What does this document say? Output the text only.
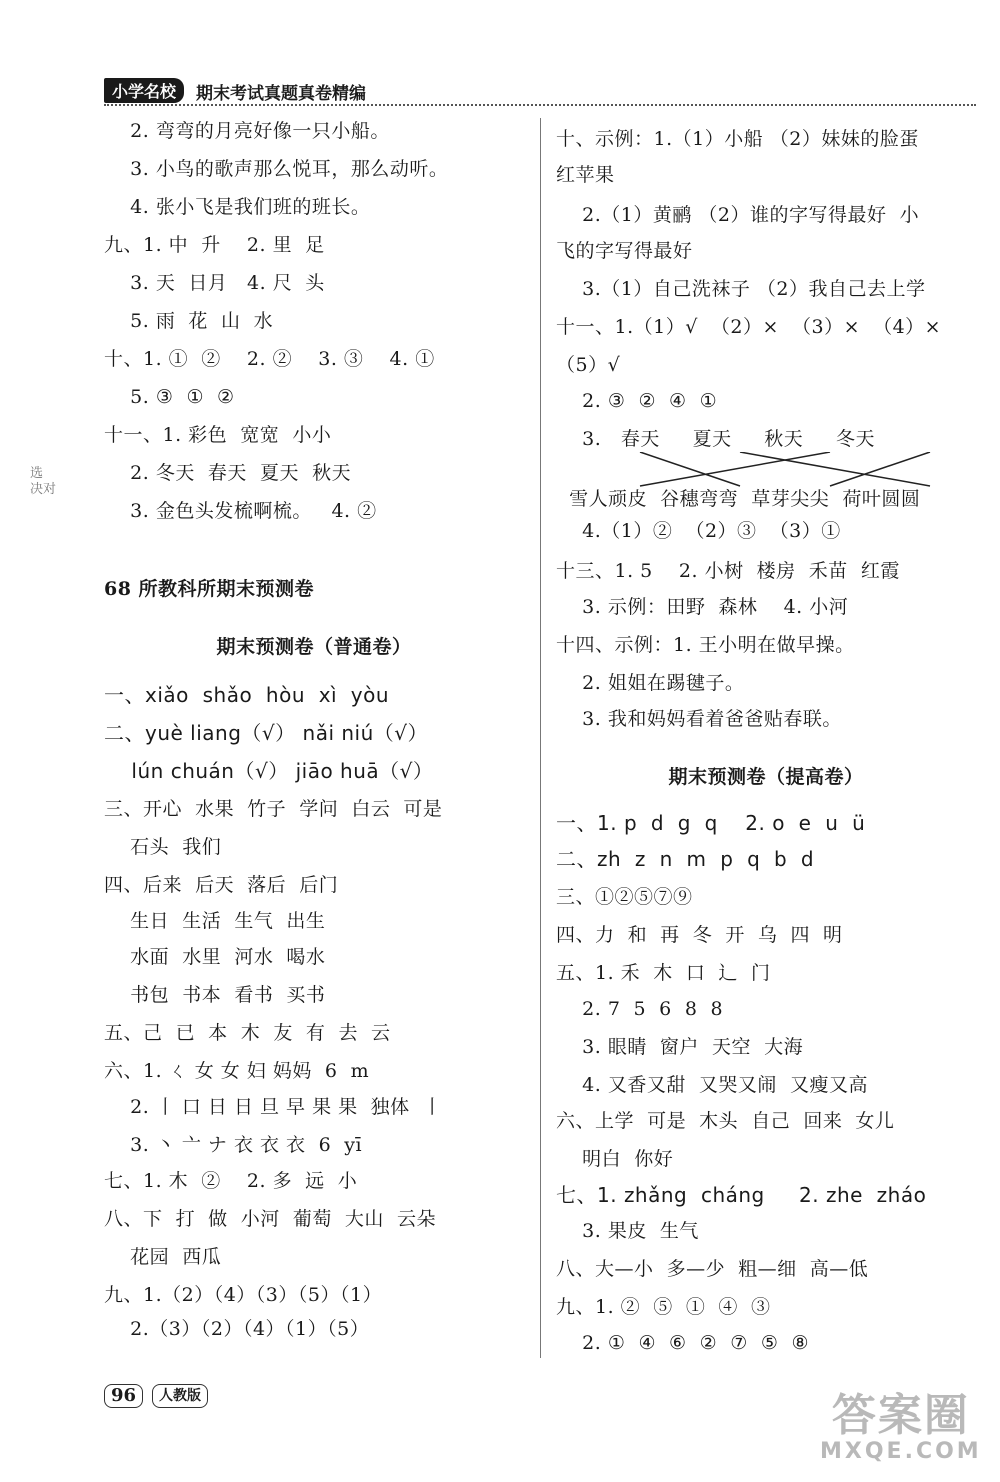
小学名校	期末考试真题真卷精编
2. 弯弯的月亮好像一只小船。
3. 小鸟的歌声那么悦耳，那么动听。
4. 张小飞是我们班的班长。
九、1. 中  升    2. 里  足
3. 天  日月   4. 尺  头
5. 雨  花  山  水
十、1. ①  ②    2. ②    3. ③    4. ①
5. ③  ①  ②
十一、1. 彩色  宽宽  小小
2. 冬天  春天  夏天  秋天
3. 金色头发梳啊梳。   4. ②
68 所教科所期末预测卷
期末预测卷（普通卷）
一、xiǎo  shǎo  hòu  xì  yòu
二、yuè liang（√） nǎi niú（√）
lún chuán（√） jiāo huā（√）
三、开心  水果  竹子  学问  白云  可是
石头  我们
四、后来  后天  落后  后门
生日  生活  生气  出生
水面  水里  河水  喝水
书包  书本  看书  买书
五、己  已  本  木  友  有  去  云
六、1. ㄑ 女 女 妇 妈妈  6  m
2. 丨 口 日 日 旦 早 果 果  独体  丨
3. 丶 亠 ナ 衣 衣 衣  6  yī
七、1. 木  ②    2. 多  远  小
八、下  打  做  小河  葡萄  大山  云朵
花园  西瓜
九、1.（2）（4）（3）（5）（1）
2.（3）（2）（4）（1）（5）
选
决对
十、示例：1.（1）小船 （2）妹妹的脸蛋
红苹果
2.（1）黄鹂 （2）谁的字写得最好  小
飞的字写得最好
3.（1）自己洗袜子 （2）我自己去上学
十一、1.（1）√  （2）×  （3）×  （4）×
（5）√
2. ③  ②  ④  ①
3.   春天     夏天     秋天     冬天
雪人顽皮  谷穗弯弯  草芽尖尖  荷叶圆圆
4.（1）②  （2）③  （3）①
十三、1. 5    2. 小树  楼房  禾苗  红霞
3. 示例：田野  森林    4. 小河
十四、示例：1. 王小明在做早操。
2. 姐姐在踢毽子。
3. 我和妈妈看着爸爸贴春联。
期末预测卷（提高卷）
一、1. p  d  g  q    2. o  e  u  ü
二、zh  z  n  m  p  q  b  d
三、①②⑤⑦⑨
四、力  和  再  冬  开  乌  四  明
五、1. 禾  木  口  辶  门
2. 7  5  6  8  8
3. 眼睛  窗户  天空  大海
4. 又香又甜  又哭又闹  又瘦又高
六、上学  可是  木头  自己  回来  女儿
明白  你好
七、1. zhǎng  cháng     2. zhe  zháo
3. 果皮  生气
八、大—小  多—少  粗—细  高—低
九、1. ②  ⑤  ①  ④  ③
2. ①  ④  ⑥  ②  ⑦  ⑤  ⑧
96	人教版	答案圈
MXQE.COM
